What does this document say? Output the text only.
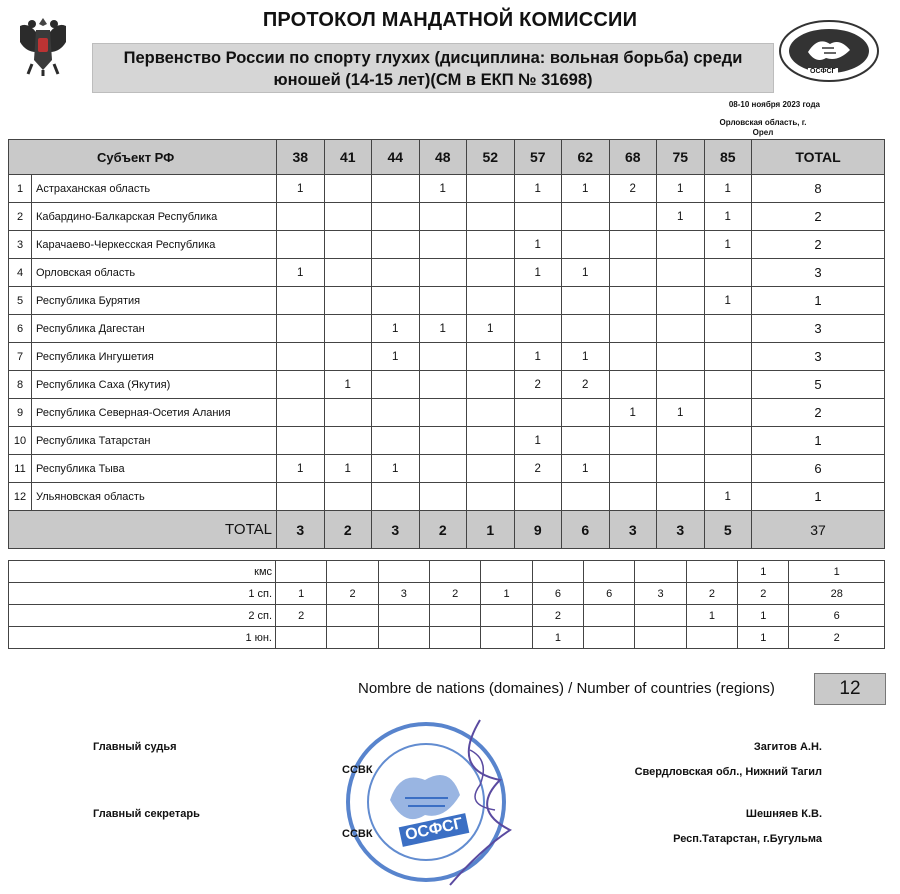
ПРОТОКОЛ МАНДАТНОЙ КОМИССИИ
Первенство России по спорту глухих (дисциплина: вольная борьба) среди
юношей (14-15 лет)(СМ в ЕКП № 31698)	ОСФСГ
08-10 ноября 2023 года
Орловская область, г.
Орел
Субъект РФ		38	41	44	48	52	57	62	68	75	85	TOTAL
1	Астраханская область	1			1		1	1	2	1	1	8
2	Кабардино-Балкарская Республика									1	1	2
3	Карачаево-Черкесская Республика						1				1	2
4	Орловская область	1					1	1				3
5	Республика Бурятия										1	1
6	Республика Дагестан			1	1	1						3
7	Республика Ингушетия			1			1	1				3
8	Республика Саха (Якутия)		1				2	2				5
9	Республика Северная-Осетия Алания								1	1		2
10	Республика Татарстан						1					1
11	Республика Тыва	1	1	1			2	1				6
12	Ульяновская область										1	1
TOTAL		3	2	3	2	1	9	6	3	3	5	37
кмс										1	1
1 сп.	1	2	3	2	1	6	6	3	2	2	28
2 сп.	2					2			1	1	6
1 юн.						1				1	2
Nombre de nations (domaines) / Number of countries (regions)	12
ОСФСГ
Главный судья
ССВК
Загитов А.Н.
Свердловская обл., Нижний Тагил
Главный секретарь
ССВК
Шешняев К.В.
Респ.Татарстан, г.Бугульма
